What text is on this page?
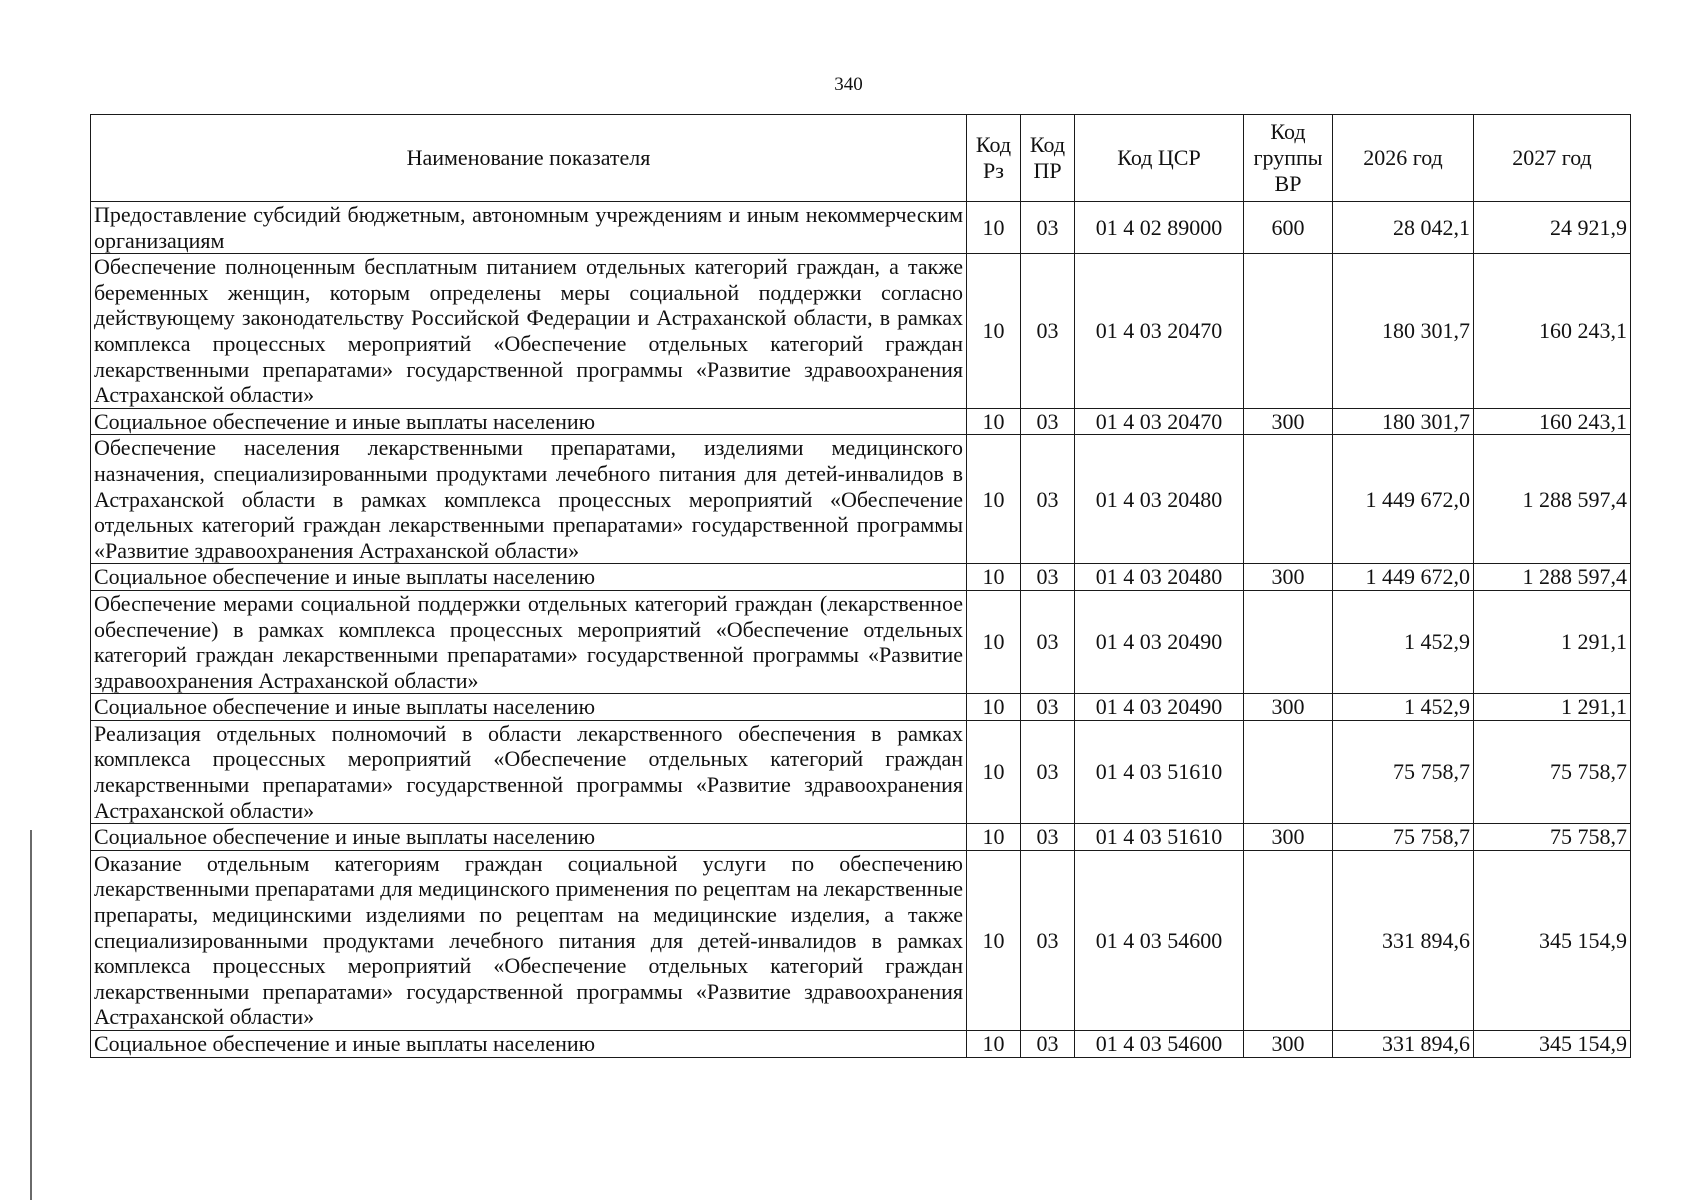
340
Наименование показателя	Код Рз	Код ПР	Код ЦСР	Код группы ВР	2026 год	2027 год
Предоставление субсидий бюджетным, автономным учреждениям и иным некоммерческим организациям	10	03	01 4 02 89000	600	28 042,1	24 921,9
Обеспечение полноценным бесплатным питанием отдельных категорий граждан, а также беременных женщин, которым определены меры социальной поддержки согласно действующему законодательству Российской Федерации и Астраханской области, в рамках комплекса процессных мероприятий «Обеспечение отдельных категорий граждан лекарственными препаратами» государственной программы «Развитие здравоохранения Астраханской области»	10	03	01 4 03 20470		180 301,7	160 243,1
Социальное обеспечение и иные выплаты населению	10	03	01 4 03 20470	300	180 301,7	160 243,1
Обеспечение населения лекарственными препаратами, изделиями медицинского назначения, специализированными продуктами лечебного питания для детей-инвалидов в Астраханской области в рамках комплекса процессных мероприятий «Обеспечение отдельных категорий граждан лекарственными препаратами» государственной программы «Развитие здравоохранения Астраханской области»	10	03	01 4 03 20480		1 449 672,0	1 288 597,4
Социальное обеспечение и иные выплаты населению	10	03	01 4 03 20480	300	1 449 672,0	1 288 597,4
Обеспечение мерами социальной поддержки отдельных категорий граждан (лекарственное обеспечение) в рамках комплекса процессных мероприятий «Обеспечение отдельных категорий граждан лекарственными препаратами» государственной программы «Развитие здравоохранения Астраханской области»	10	03	01 4 03 20490		1 452,9	1 291,1
Социальное обеспечение и иные выплаты населению	10	03	01 4 03 20490	300	1 452,9	1 291,1
Реализация отдельных полномочий в области лекарственного обеспечения в рамках комплекса процессных мероприятий «Обеспечение отдельных категорий граждан лекарственными препаратами» государственной программы «Развитие здравоохранения Астраханской области»	10	03	01 4 03 51610		75 758,7	75 758,7
Социальное обеспечение и иные выплаты населению	10	03	01 4 03 51610	300	75 758,7	75 758,7
Оказание отдельным категориям граждан социальной услуги по обеспечению лекарственными препаратами для медицинского применения по рецептам на лекарственные препараты, медицинскими изделиями по рецептам на медицинские изделия, а также специализированными продуктами лечебного питания для детей-инвалидов в рамках комплекса процессных мероприятий «Обеспечение отдельных категорий граждан лекарственными препаратами» государственной программы «Развитие здравоохранения Астраханской области»	10	03	01 4 03 54600		331 894,6	345 154,9
Социальное обеспечение и иные выплаты населению	10	03	01 4 03 54600	300	331 894,6	345 154,9
